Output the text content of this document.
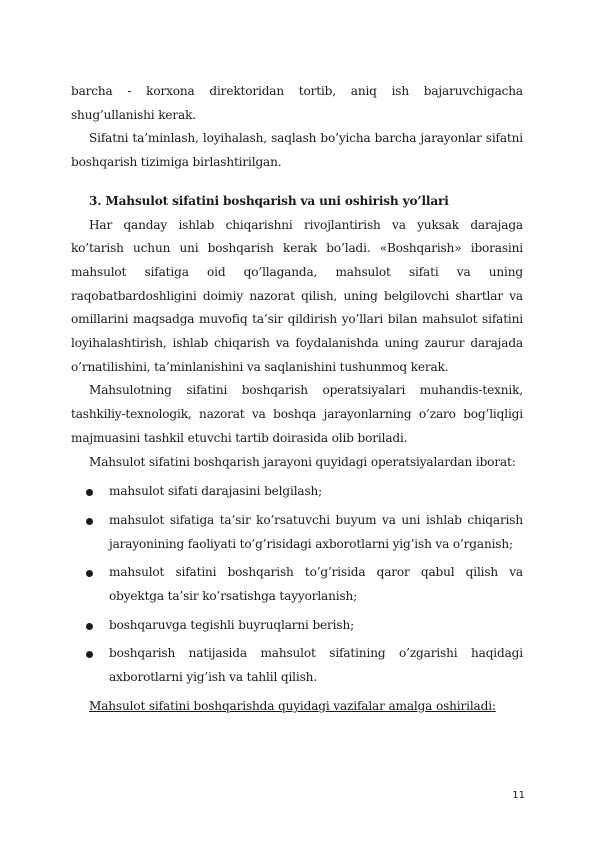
barcha - korxona direktoridan tortib, aniq ish bajaruvchigacha shug’ullanishi kerak.

Sifatni ta’minlash, loyihalash, saqlash bo’yicha barcha jarayonlar sifatni boshqarish tizimiga birlashtirilgan.

3. Mahsulot sifatini boshqarish va uni oshirish yo’llari

Har qanday ishlab chiqarishni rivojlantirish va yuksak darajaga ko’tarish uchun uni boshqarish kerak bo’ladi. «Boshqarish» iborasini mahsulot sifatiga oid qo’llaganda, mahsulot sifati va uning raqobatbardoshligini doimiy nazorat qilish, uning belgilovchi shartlar va omillarini maqsadga muvofiq ta’sir qildirish yo’llari bilan mahsulot sifatini loyihalashtirish, ishlab chiqarish va foydalanishda uning zaurur darajada o’rnatilishini, ta’minlanishini va saqlanishini tushunmoq kerak.

Mahsulotning sifatini boshqarish operatsiyalari muhandis-texnik, tashkiliy-texnologik, nazorat va boshqa jarayonlarning o’zaro bog’liqligi majmuasini tashkil etuvchi tartib doirasida olib boriladi.

Mahsulot sifatini boshqarish jarayoni quyidagi operatsiyalardan iborat:

mahsulot sifati darajasini belgilash;
mahsulot sifatiga ta’sir ko’rsatuvchi buyum va uni ishlab chiqarish jarayonining faoliyati to’g’risidagi axborotlarni yig’ish va o’rganish;
mahsulot sifatini boshqarish to’g’risida qaror qabul qilish va obyektga ta’sir ko’rsatishga tayyorlanish;
boshqaruvga tegishli buyruqlarni berish;
boshqarish natijasida mahsulot sifatining o’zgarishi haqidagi axborotlarni yig’ish va tahlil qilish.

Mahsulot sifatini boshqarishda quyidagi vazifalar amalga oshiriladi:

11
